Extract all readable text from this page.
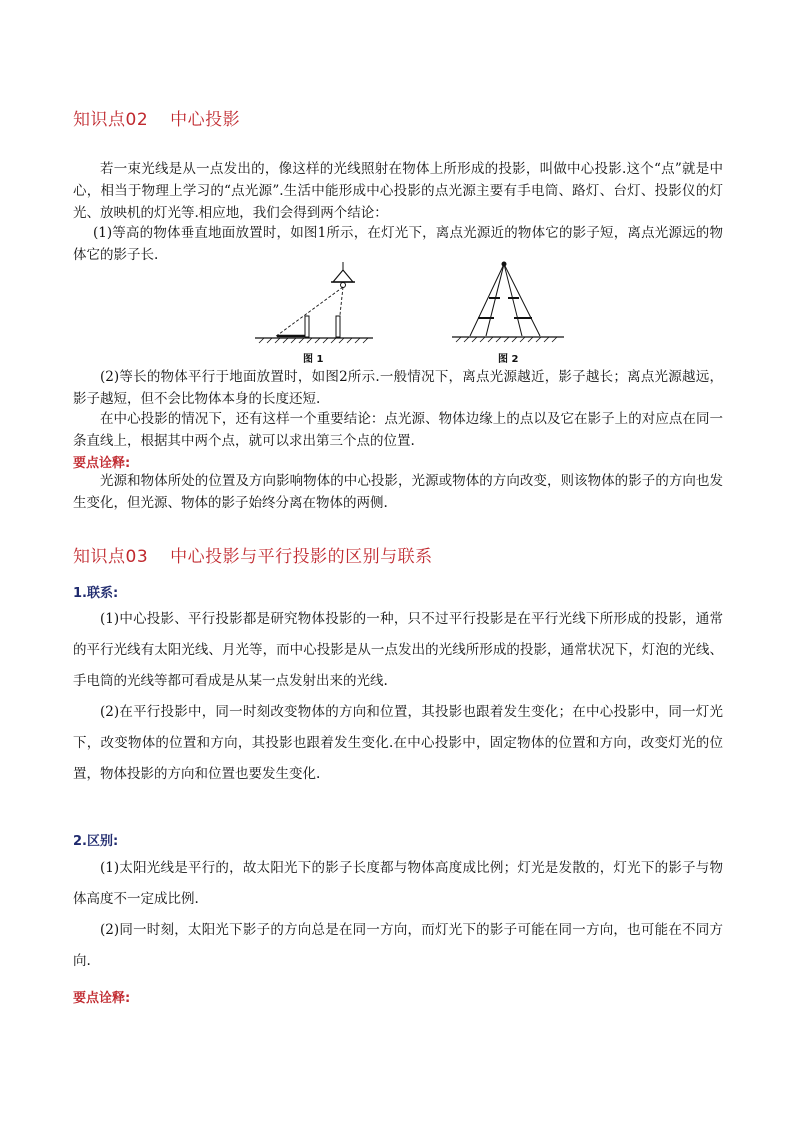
知识点02 中心投影
若一束光线是从一点发出的，像这样的光线照射在物体上所形成的投影，叫做中心投影.这个“点”就是中心，相当于物理上学习的“点光源”.生活中能形成中心投影的点光源主要有手电筒、路灯、台灯、投影仪的灯光、放映机的灯光等.相应地，我们会得到两个结论：
(1)等高的物体垂直地面放置时，如图1所示，在灯光下，离点光源近的物体它的影子短，离点光源远的物体它的影子长.
图 1	图 2
(2)等长的物体平行于地面放置时，如图2所示.一般情况下，离点光源越近，影子越长；离点光源越远，影子越短，但不会比物体本身的长度还短.
在中心投影的情况下，还有这样一个重要结论：点光源、物体边缘上的点以及它在影子上的对应点在同一条直线上，根据其中两个点，就可以求出第三个点的位置.
要点诠释:
光源和物体所处的位置及方向影响物体的中心投影，光源或物体的方向改变，则该物体的影子的方向也发生变化，但光源、物体的影子始终分离在物体的两侧.
知识点03 中心投影与平行投影的区别与联系
1.联系:
(1)中心投影、平行投影都是研究物体投影的一种，只不过平行投影是在平行光线下所形成的投影，通常的平行光线有太阳光线、月光等，而中心投影是从一点发出的光线所形成的投影，通常状况下，灯泡的光线、手电筒的光线等都可看成是从某一点发射出来的光线.
(2)在平行投影中，同一时刻改变物体的方向和位置，其投影也跟着发生变化；在中心投影中，同一灯光下，改变物体的位置和方向，其投影也跟着发生变化.在中心投影中，固定物体的位置和方向，改变灯光的位置，物体投影的方向和位置也要发生变化.
2.区别:
(1)太阳光线是平行的，故太阳光下的影子长度都与物体高度成比例；灯光是发散的，灯光下的影子与物体高度不一定成比例.
(2)同一时刻，太阳光下影子的方向总是在同一方向，而灯光下的影子可能在同一方向，也可能在不同方向.
要点诠释:
